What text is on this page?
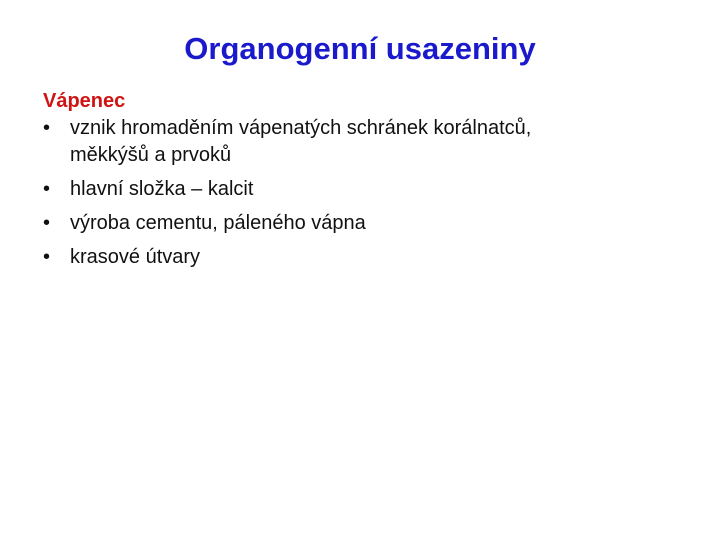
Organogenní usazeniny
Vápenec
• vznik hromaděním vápenatých schránek korálnatců,
měkkýšů a prvoků
• hlavní složka – kalcit
• výroba cementu, páleného vápna
• krasové útvary
